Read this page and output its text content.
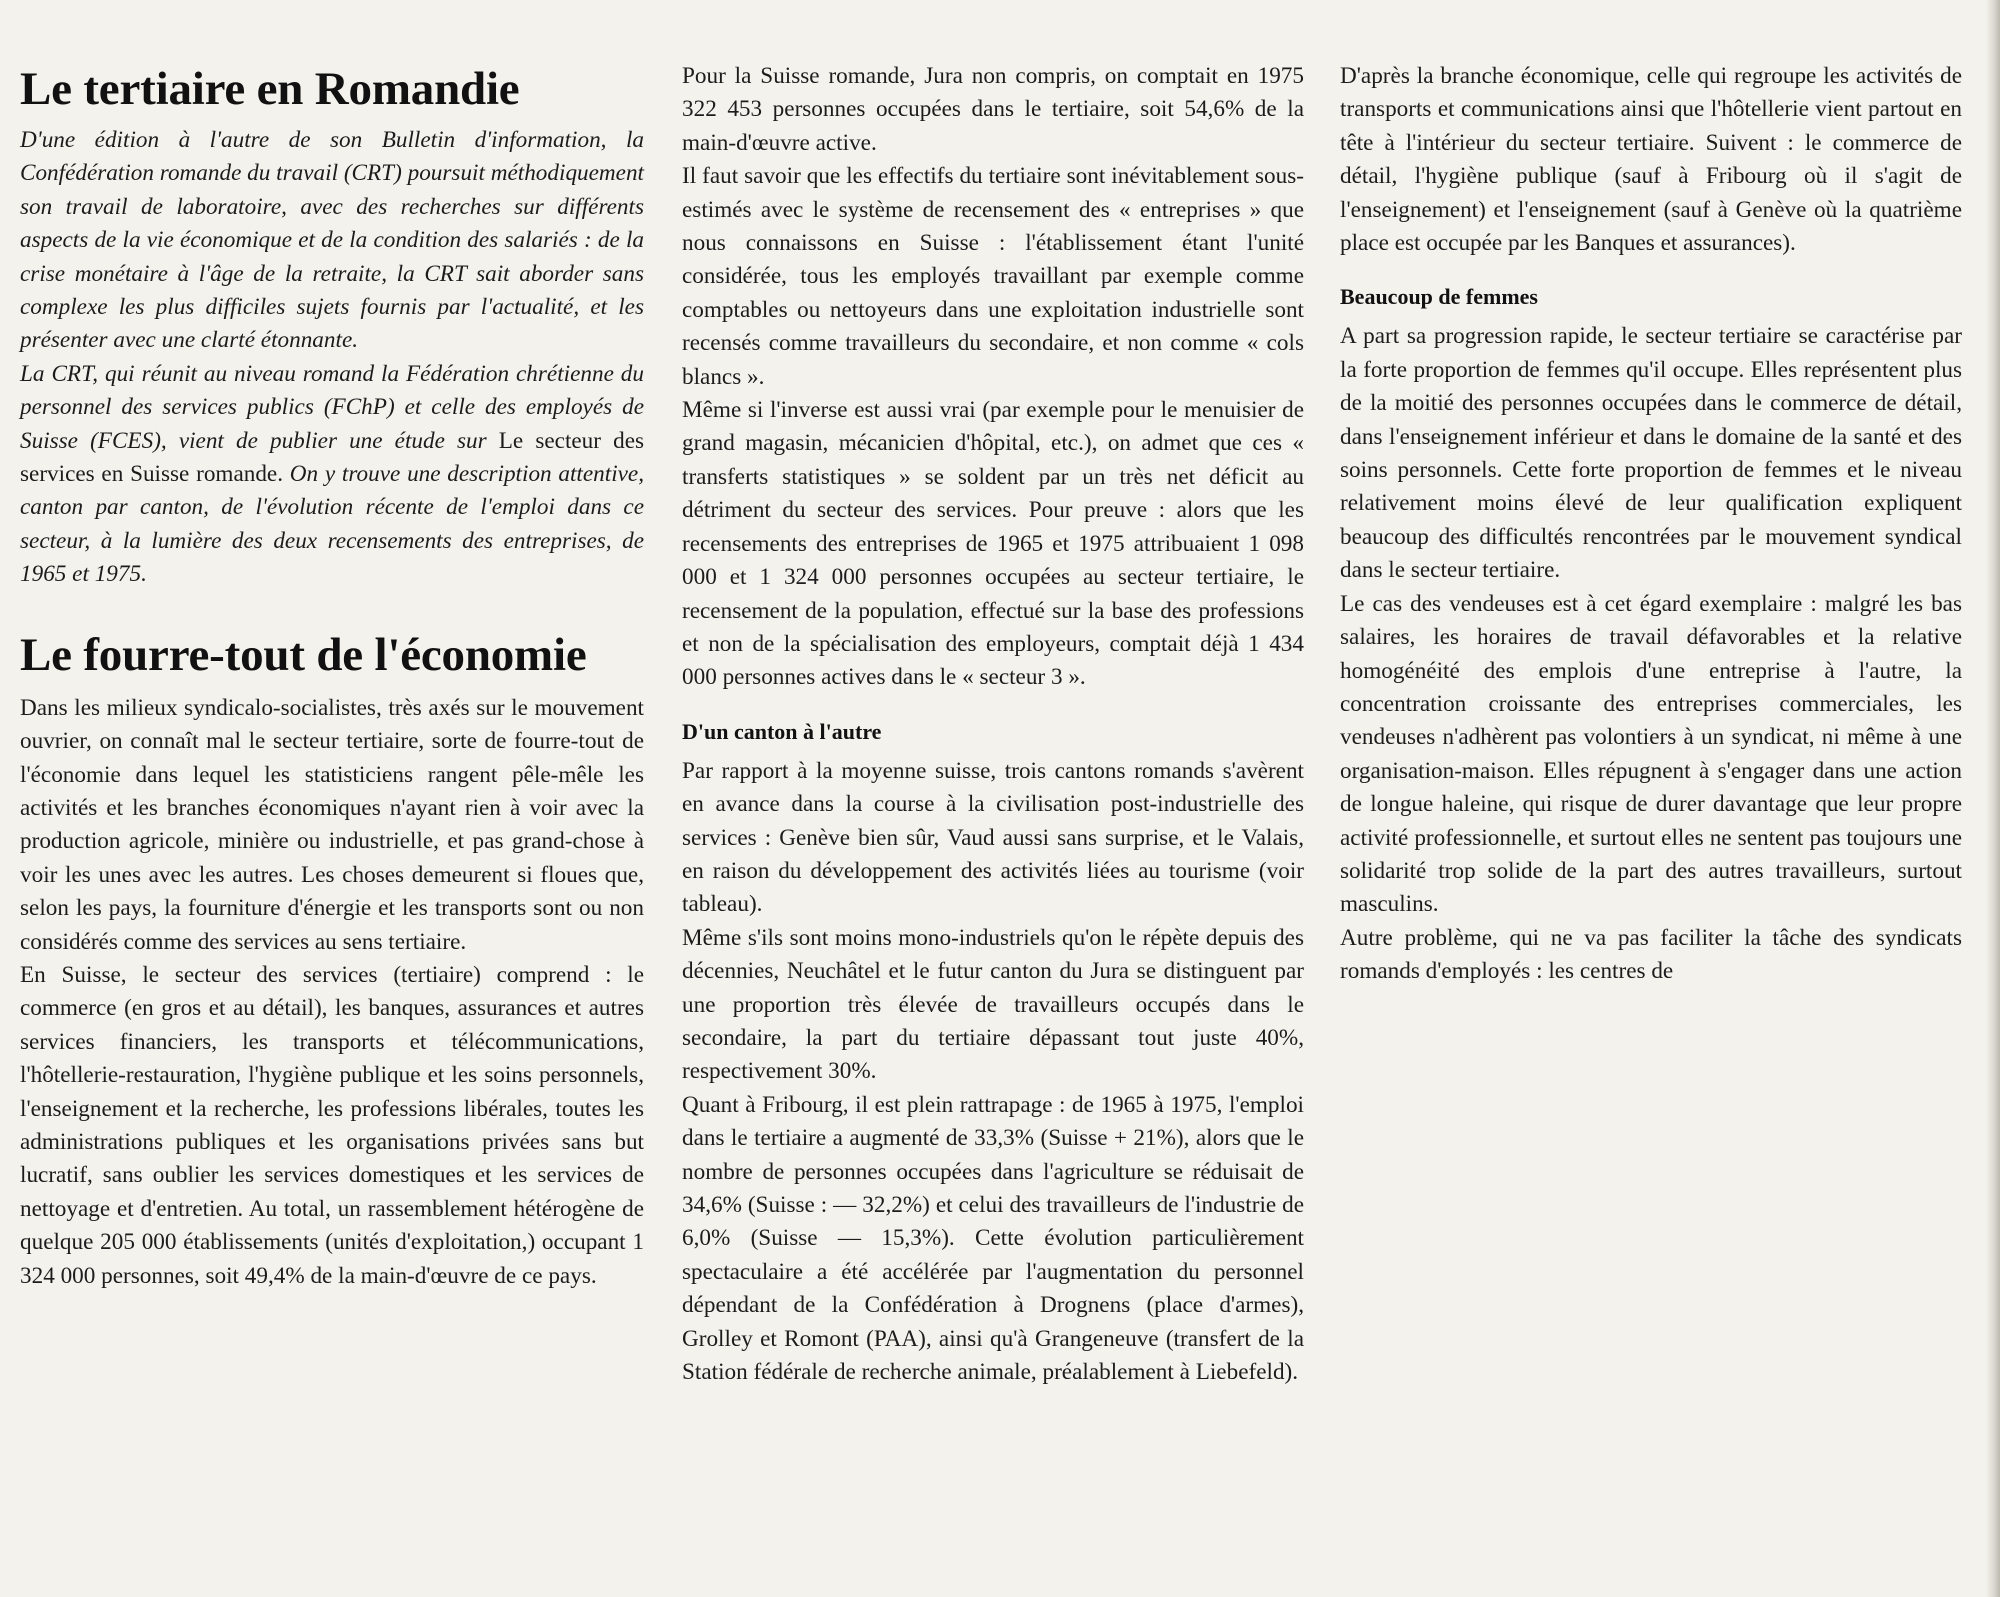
Le tertiaire en Romandie

D'une édition à l'autre de son Bulletin d'information, la Confédération romande du travail (CRT) poursuit méthodiquement son travail de laboratoire, avec des recherches sur différents aspects de la vie économique et de la condition des salariés : de la crise monétaire à l'âge de la retraite, la CRT sait aborder sans complexe les plus difficiles sujets fournis par l'actualité, et les présenter avec une clarté étonnante.

La CRT, qui réunit au niveau romand la Fédération chrétienne du personnel des services publics (FChP) et celle des employés de Suisse (FCES), vient de publier une étude sur Le secteur des services en Suisse romande. On y trouve une description attentive, canton par canton, de l'évolution récente de l'emploi dans ce secteur, à la lumière des deux recensements des entreprises, de 1965 et 1975.

Le fourre-tout de l'économie

Dans les milieux syndicalo-socialistes, très axés sur le mouvement ouvrier, on connaît mal le secteur tertiaire, sorte de fourre-tout de l'économie dans lequel les statisticiens rangent pêle-mêle les activités et les branches économiques n'ayant rien à voir avec la production agricole, minière ou industrielle, et pas grand-chose à voir les unes avec les autres. Les choses demeurent si floues que, selon les pays, la fourniture d'énergie et les transports sont ou non considérés comme des services au sens tertiaire.

En Suisse, le secteur des services (tertiaire) comprend : le commerce (en gros et au détail), les banques, assurances et autres services financiers, les transports et télécommunications, l'hôtellerie-restauration, l'hygiène publique et les soins personnels, l'enseignement et la recherche, les professions libérales, toutes les administrations publiques et les organisations privées sans but lucratif, sans oublier les services domestiques et les services de nettoyage et d'entretien. Au total, un rassemblement hétérogène de quelque 205 000 établissements (unités d'exploitation,) occupant 1 324 000 personnes, soit 49,4% de la main-d'œuvre de ce pays.

Pour la Suisse romande, Jura non compris, on comptait en 1975 322 453 personnes occupées dans le tertiaire, soit 54,6% de la main-d'œuvre active.

Il faut savoir que les effectifs du tertiaire sont inévitablement sous-estimés avec le système de recensement des « entreprises » que nous connaissons en Suisse : l'établissement étant l'unité considérée, tous les employés travaillant par exemple comme comptables ou nettoyeurs dans une exploitation industrielle sont recensés comme travailleurs du secondaire, et non comme « cols blancs ».

Même si l'inverse est aussi vrai (par exemple pour le menuisier de grand magasin, mécanicien d'hôpital, etc.), on admet que ces « transferts statistiques » se soldent par un très net déficit au détriment du secteur des services. Pour preuve : alors que les recensements des entreprises de 1965 et 1975 attribuaient 1 098 000 et 1 324 000 personnes occupées au secteur tertiaire, le recensement de la population, effectué sur la base des professions et non de la spécialisation des employeurs, comptait déjà 1 434 000 personnes actives dans le « secteur 3 ».

D'un canton à l'autre

Par rapport à la moyenne suisse, trois cantons romands s'avèrent en avance dans la course à la civilisation post-industrielle des services : Genève bien sûr, Vaud aussi sans surprise, et le Valais, en raison du développement des activités liées au tourisme (voir tableau).

Même s'ils sont moins mono-industriels qu'on le répète depuis des décennies, Neuchâtel et le futur canton du Jura se distinguent par une proportion très élevée de travailleurs occupés dans le secondaire, la part du tertiaire dépassant tout juste 40%, respectivement 30%.

Quant à Fribourg, il est plein rattrapage : de 1965 à 1975, l'emploi dans le tertiaire a augmenté de 33,3% (Suisse + 21%), alors que le nombre de personnes occupées dans l'agriculture se réduisait de 34,6% (Suisse : — 32,2%) et celui des travailleurs de l'industrie de 6,0% (Suisse — 15,3%). Cette évolution particulièrement spectaculaire a été accélérée par l'augmentation du personnel dépendant de la Confédération à Drognens (place d'armes), Grolley et Romont (PAA), ainsi qu'à Grangeneuve (transfert de la Station fédérale de recherche animale, préalablement à Liebefeld).

D'après la branche économique, celle qui regroupe les activités de transports et communications ainsi que l'hôtellerie vient partout en tête à l'intérieur du secteur tertiaire. Suivent : le commerce de détail, l'hygiène publique (sauf à Fribourg où il s'agit de l'enseignement) et l'enseignement (sauf à Genève où la quatrième place est occupée par les Banques et assurances).

Beaucoup de femmes

A part sa progression rapide, le secteur tertiaire se caractérise par la forte proportion de femmes qu'il occupe. Elles représentent plus de la moitié des personnes occupées dans le commerce de détail, dans l'enseignement inférieur et dans le domaine de la santé et des soins personnels. Cette forte proportion de femmes et le niveau relativement moins élevé de leur qualification expliquent beaucoup des difficultés rencontrées par le mouvement syndical dans le secteur tertiaire.

Le cas des vendeuses est à cet égard exemplaire : malgré les bas salaires, les horaires de travail défavorables et la relative homogénéité des emplois d'une entreprise à l'autre, la concentration croissante des entreprises commerciales, les vendeuses n'adhèrent pas volontiers à un syndicat, ni même à une organisation-maison. Elles répugnent à s'engager dans une action de longue haleine, qui risque de durer davantage que leur propre activité professionnelle, et surtout elles ne sentent pas toujours une solidarité trop solide de la part des autres travailleurs, surtout masculins.

Autre problème, qui ne va pas faciliter la tâche des syndicats romands d'employés : les centres de
